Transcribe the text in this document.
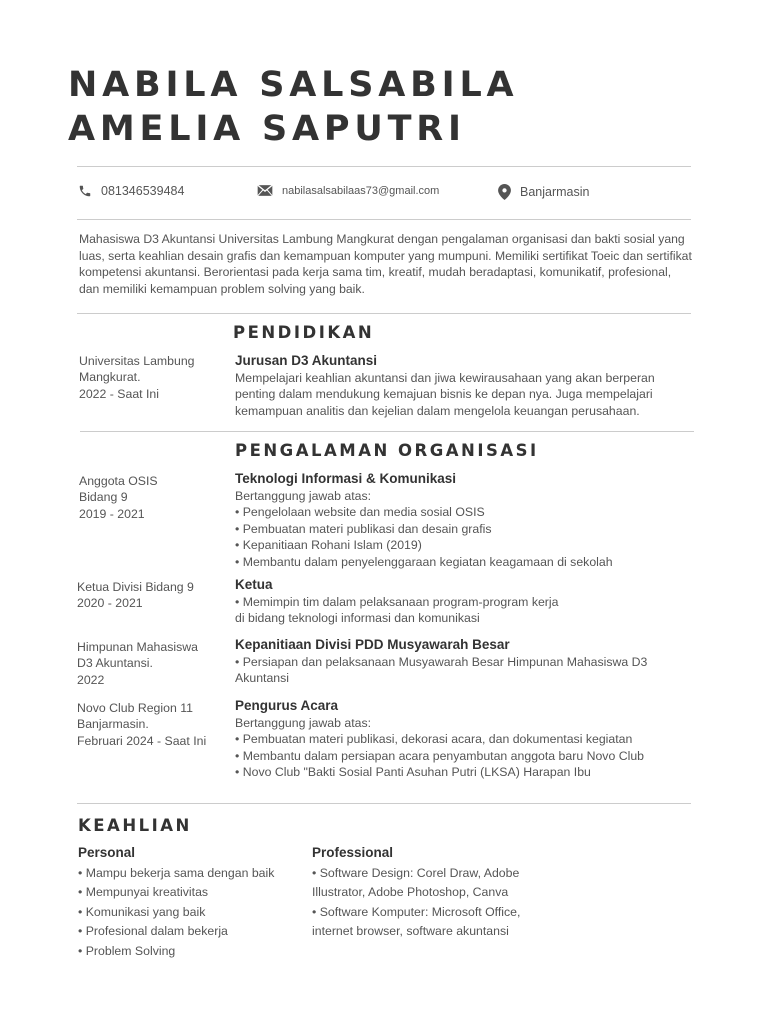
NABILA SALSABILA
AMELIA SAPUTRI
081346539484	nabilasalsabilaas73@gmail.com	Banjarmasin
Mahasiswa D3 Akuntansi Universitas Lambung Mangkurat dengan pengalaman organisasi dan bakti sosial yang luas, serta keahlian desain grafis dan kemampuan komputer yang mumpuni. Memiliki sertifikat Toeic dan sertifikat kompetensi akuntansi. Berorientasi pada kerja sama tim, kreatif, mudah beradaptasi, komunikatif, profesional, dan memiliki kemampuan problem solving yang baik.
PENDIDIKAN
Universitas Lambung
Mangkurat.
2022 - Saat Ini
Jurusan D3 Akuntansi
Mempelajari keahlian akuntansi dan jiwa kewirausahaan yang akan berperan penting dalam mendukung kemajuan bisnis ke depan nya. Juga mempelajari kemampuan analitis dan kejelian dalam mengelola keuangan perusahaan.
PENGALAMAN ORGANISASI
Anggota OSIS
Bidang 9
2019 - 2021
Teknologi Informasi & Komunikasi
Bertanggung jawab atas:
• Pengelolaan website dan media sosial OSIS
• Pembuatan materi publikasi dan desain grafis
• Kepanitiaan Rohani Islam (2019)
• Membantu dalam penyelenggaraan kegiatan keagamaan di sekolah
Ketua Divisi Bidang 9
2020 - 2021
Ketua
• Memimpin tim dalam pelaksanaan program-program kerja
di bidang teknologi informasi dan komunikasi
Himpunan Mahasiswa
D3 Akuntansi.
2022
Kepanitiaan Divisi PDD Musyawarah Besar
• Persiapan dan pelaksanaan Musyawarah Besar Himpunan Mahasiswa D3
Akuntansi
Novo Club Region 11
Banjarmasin.
Februari 2024 - Saat Ini
Pengurus Acara
Bertanggung jawab atas:
• Pembuatan materi publikasi, dekorasi acara, dan dokumentasi kegiatan
• Membantu dalam persiapan acara penyambutan anggota baru Novo Club
• Novo Club "Bakti Sosial Panti Asuhan Putri (LKSA) Harapan Ibu
KEAHLIAN
Personal
• Mampu bekerja sama dengan baik
• Mempunyai kreativitas
• Komunikasi yang baik
• Profesional dalam bekerja
• Problem Solving
Professional
• Software Design: Corel Draw, Adobe
Illustrator, Adobe Photoshop, Canva
• Software Komputer: Microsoft Office,
internet browser, software akuntansi
